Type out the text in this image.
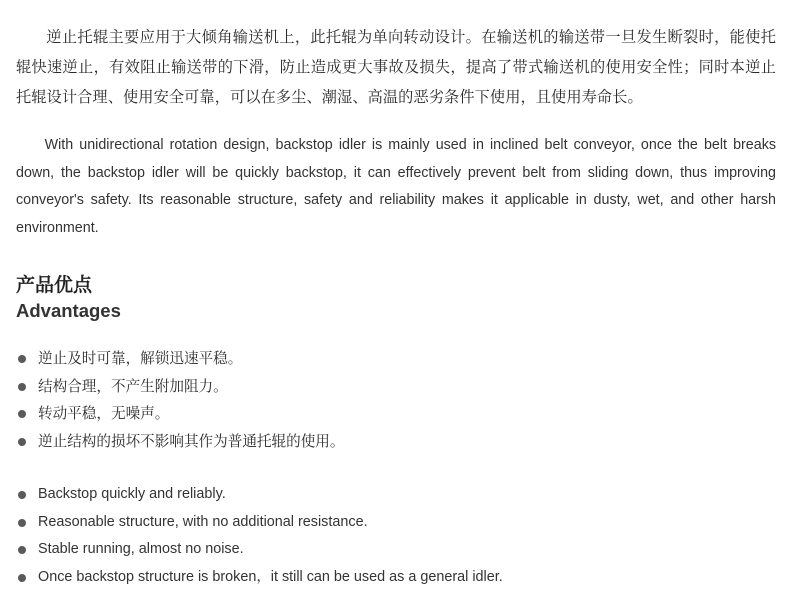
逆止托辊主要应用于大倾角输送机上，此托辊为单向转动设计。在输送机的输送带一旦发生断裂时，能使托辊快速逆止，有效阻止输送带的下滑，防止造成更大事故及损失，提高了带式输送机的使用安全性；同时本逆止托辊设计合理、使用安全可靠，可以在多尘、潮湿、高温的恶劣条件下使用，且使用寿命长。

With unidirectional rotation design, backstop idler is mainly used in inclined belt conveyor, once the belt breaks down, the backstop idler will be quickly backstop, it can effectively prevent belt from sliding down, thus improving conveyor's safety. Its reasonable structure, safety and reliability makes it applicable in dusty, wet, and other harsh environment.

产品优点
Advantages
逆止及时可靠，解锁迅速平稳。
结构合理，不产生附加阻力。
转动平稳，无噪声。
逆止结构的损坏不影响其作为普通托辊的使用。
Backstop quickly and reliably.
Reasonable structure, with no additional resistance.
Stable running, almost no noise.
Once backstop structure is broken，it still can be used as a general idler.
